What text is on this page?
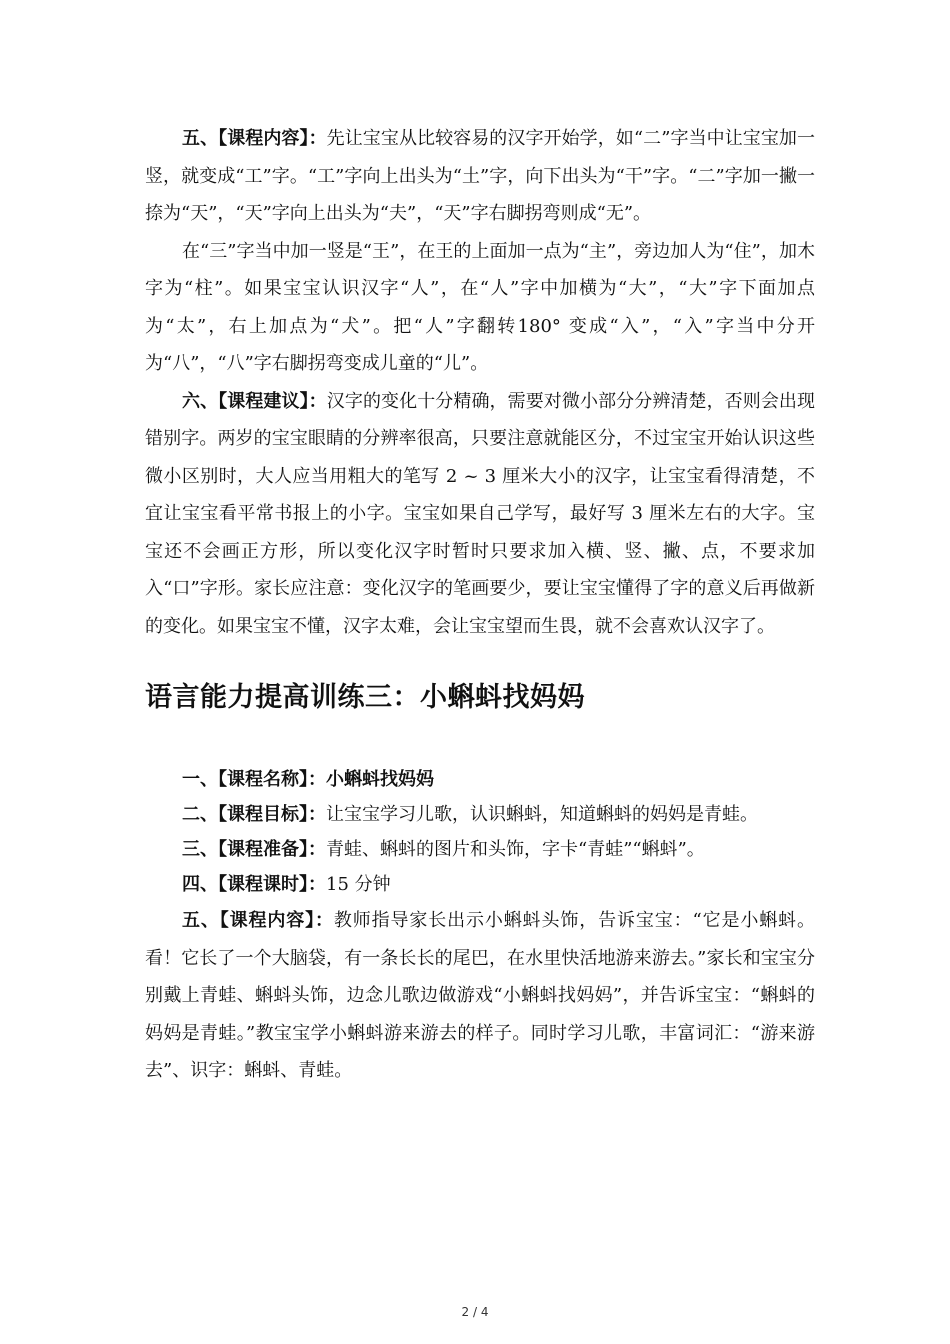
五、【课程内容】：先让宝宝从比较容易的汉字开始学，如“二”字当中让宝宝加一竖，就变成“工”字。“工”字向上出头为“土”字，向下出头为“干”字。“二”字加一撇一捺为“天”，“天”字向上出头为“夫”，“天”字右脚拐弯则成“无”。

在“三”字当中加一竖是“王”，在王的上面加一点为“主”，旁边加人为“住”，加木字为“柱”。如果宝宝认识汉字“人”，在“人”字中加横为“大”，“大”字下面加点为“太”，右上加点为“犬”。把“人”字翻转180° 变成“入”，“入”字当中分开为“八”，“八”字右脚拐弯变成儿童的“儿”。

六、【课程建议】：汉字的变化十分精确，需要对微小部分分辨清楚，否则会出现错别字。两岁的宝宝眼睛的分辨率很高，只要注意就能区分，不过宝宝开始认识这些微小区别时，大人应当用粗大的笔写 2 ~ 3 厘米大小的汉字，让宝宝看得清楚，不宜让宝宝看平常书报上的小字。宝宝如果自己学写，最好写 3 厘米左右的大字。宝宝还不会画正方形，所以变化汉字时暂时只要求加入横、竖、撇、点，不要求加入“口”字形。家长应注意：变化汉字的笔画要少，要让宝宝懂得了字的意义后再做新的变化。如果宝宝不懂，汉字太难，会让宝宝望而生畏，就不会喜欢认汉字了。

语言能力提高训练三：小蝌蚪找妈妈

一、【课程名称】：小蝌蚪找妈妈

二、【课程目标】：让宝宝学习儿歌，认识蝌蚪，知道蝌蚪的妈妈是青蛙。

三、【课程准备】：青蛙、蝌蚪的图片和头饰，字卡“青蛙”“蝌蚪”。

四、【课程课时】：15 分钟

五、【课程内容】：教师指导家长出示小蝌蚪头饰，告诉宝宝：“它是小蝌蚪。看！它长了一个大脑袋，有一条长长的尾巴，在水里快活地游来游去。”家长和宝宝分别戴上青蛙、蝌蚪头饰，边念儿歌边做游戏“小蝌蚪找妈妈”，并告诉宝宝：“蝌蚪的妈妈是青蛙。”教宝宝学小蝌蚪游来游去的样子。同时学习儿歌，丰富词汇：“游来游去”、识字：蝌蚪、青蛙。

2 / 4
